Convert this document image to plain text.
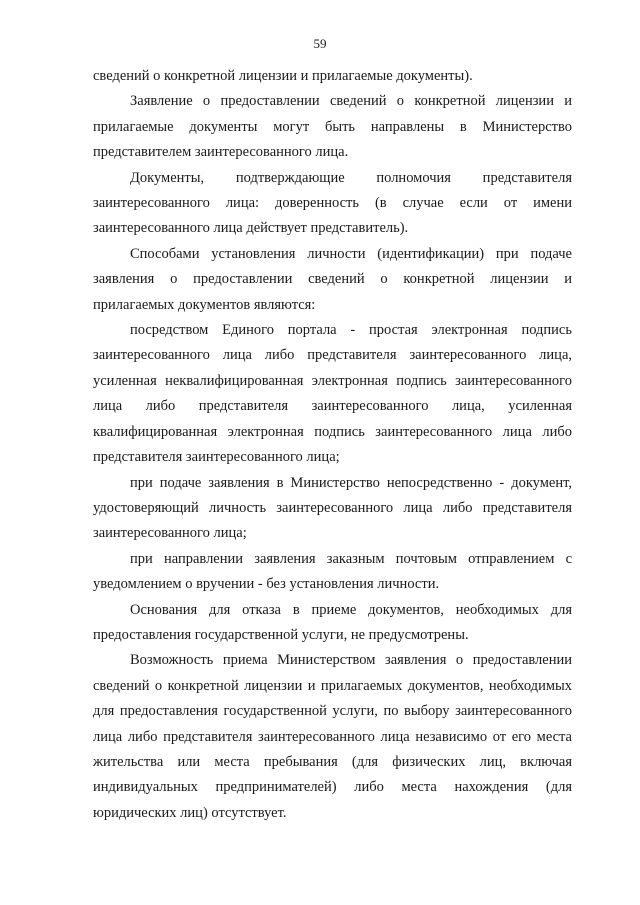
59

сведений о конкретной лицензии и прилагаемые документы).

Заявление о предоставлении сведений о конкретной лицензии и прилагаемые документы могут быть направлены в Министерство представителем заинтересованного лица.

Документы, подтверждающие полномочия представителя заинтересованного лица: доверенность (в случае если от имени заинтересованного лица действует представитель).

Способами установления личности (идентификации) при подаче заявления о предоставлении сведений о конкретной лицензии и прилагаемых документов являются:

посредством Единого портала - простая электронная подпись заинтересованного лица либо представителя заинтересованного лица, усиленная неквалифицированная электронная подпись заинтересованного лица либо представителя заинтересованного лица, усиленная квалифицированная электронная подпись заинтересованного лица либо представителя заинтересованного лица;

при подаче заявления в Министерство непосредственно - документ, удостоверяющий личность заинтересованного лица либо представителя заинтересованного лица;

при направлении заявления заказным почтовым отправлением с уведомлением о вручении - без установления личности.

Основания для отказа в приеме документов, необходимых для предоставления государственной услуги, не предусмотрены.

Возможность приема Министерством заявления о предоставлении сведений о конкретной лицензии и прилагаемых документов, необходимых для предоставления государственной услуги, по выбору заинтересованного лица либо представителя заинтересованного лица независимо от его места жительства или места пребывания (для физических лиц, включая индивидуальных предпринимателей) либо места нахождения (для юридических лиц) отсутствует.
